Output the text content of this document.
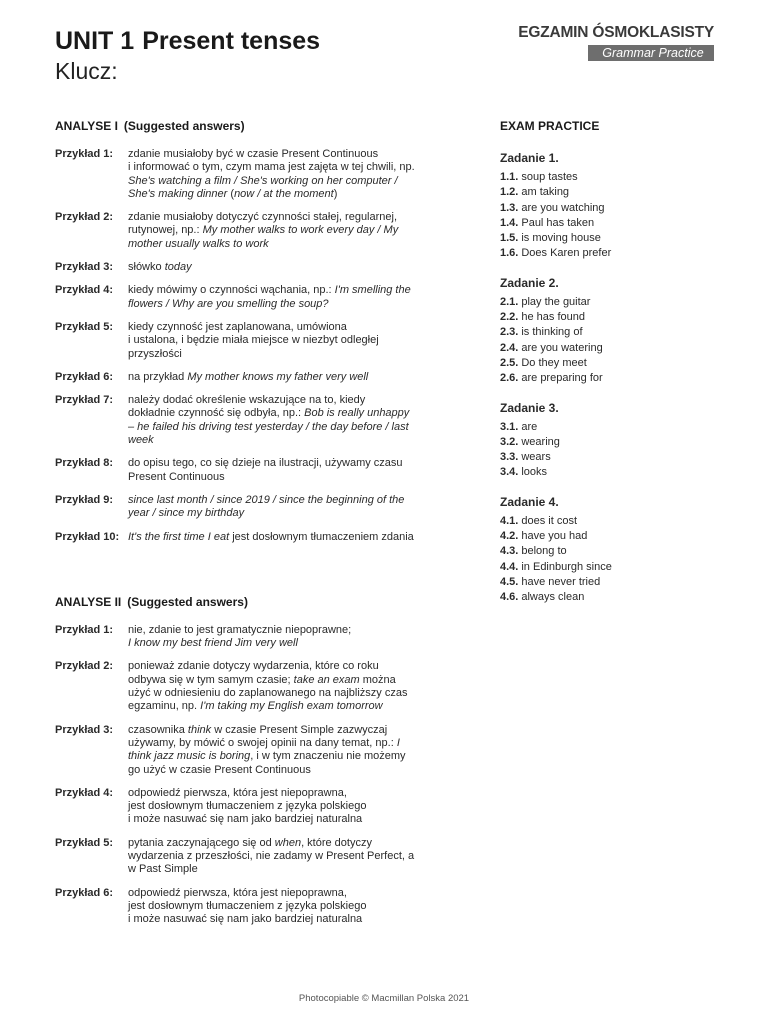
UNIT 1 Present tenses
Klucz:
EGZAMIN ÓSMOKLASISTY
Grammar Practice
ANALYSE I (Suggested answers)
Przykład 1:	zdanie musiałoby być w czasie Present Continuous
i informować o tym, czym mama jest zajęta w tej chwili, np. She's watching a film / She's working on her computer / She's making dinner (now / at the moment)
Przykład 2:	zdanie musiałoby dotyczyć czynności stałej, regularnej, rutynowej, np.: My mother walks to work every day / My mother usually walks to work
Przykład 3:	słówko today
Przykład 4:	kiedy mówimy o czynności wąchania, np.: I'm smelling the flowers / Why are you smelling the soup?
Przykład 5:	kiedy czynność jest zaplanowana, umówiona
i ustalona, i będzie miała miejsce w niezbyt odległej przyszłości
Przykład 6:	na przykład My mother knows my father very well
Przykład 7:	należy dodać określenie wskazujące na to, kiedy dokładnie czynność się odbyła, np.: Bob is really unhappy – he failed his driving test yesterday / the day before / last week
Przykład 8:	do opisu tego, co się dzieje na ilustracji, używamy czasu Present Continuous
Przykład 9:	since last month / since 2019 / since the beginning of the year / since my birthday
Przykład 10: It's the first time I eat jest dosłownym tłumaczeniem zdania
ANALYSE II (Suggested answers)
Przykład 1:	nie, zdanie to jest gramatycznie niepoprawne;
I know my best friend Jim very well
Przykład 2:	ponieważ zdanie dotyczy wydarzenia, które co roku odbywa się w tym samym czasie; take an exam można użyć w odniesieniu do zaplanowanego na najbliższy czas egzaminu, np. I'm taking my English exam tomorrow
Przykład 3:	czasownika think w czasie Present Simple zazwyczaj używamy, by mówić o swojej opinii na dany temat, np.: I think jazz music is boring, i w tym znaczeniu nie możemy go użyć w czasie Present Continuous
Przykład 4:	odpowiedź pierwsza, która jest niepoprawna,
jest dosłownym tłumaczeniem z języka polskiego
i może nasuwać się nam jako bardziej naturalna
Przykład 5:	pytania zaczynającego się od when, które dotyczy wydarzenia z przeszłości, nie zadamy w Present Perfect, a w Past Simple
Przykład 6:	odpowiedź pierwsza, która jest niepoprawna,
jest dosłownym tłumaczeniem z języka polskiego
i może nasuwać się nam jako bardziej naturalna
EXAM PRACTICE
Zadanie 1.
1.1. soup tastes
1.2. am taking
1.3. are you watching
1.4. Paul has taken
1.5. is moving house
1.6. Does Karen prefer
Zadanie 2.
2.1. play the guitar
2.2. he has found
2.3. is thinking of
2.4. are you watering
2.5. Do they meet
2.6. are preparing for
Zadanie 3.
3.1. are
3.2. wearing
3.3. wears
3.4. looks
Zadanie 4.
4.1. does it cost
4.2. have you had
4.3. belong to
4.4. in Edinburgh since
4.5. have never tried
4.6. always clean
Photocopiable © Macmillan Polska 2021
